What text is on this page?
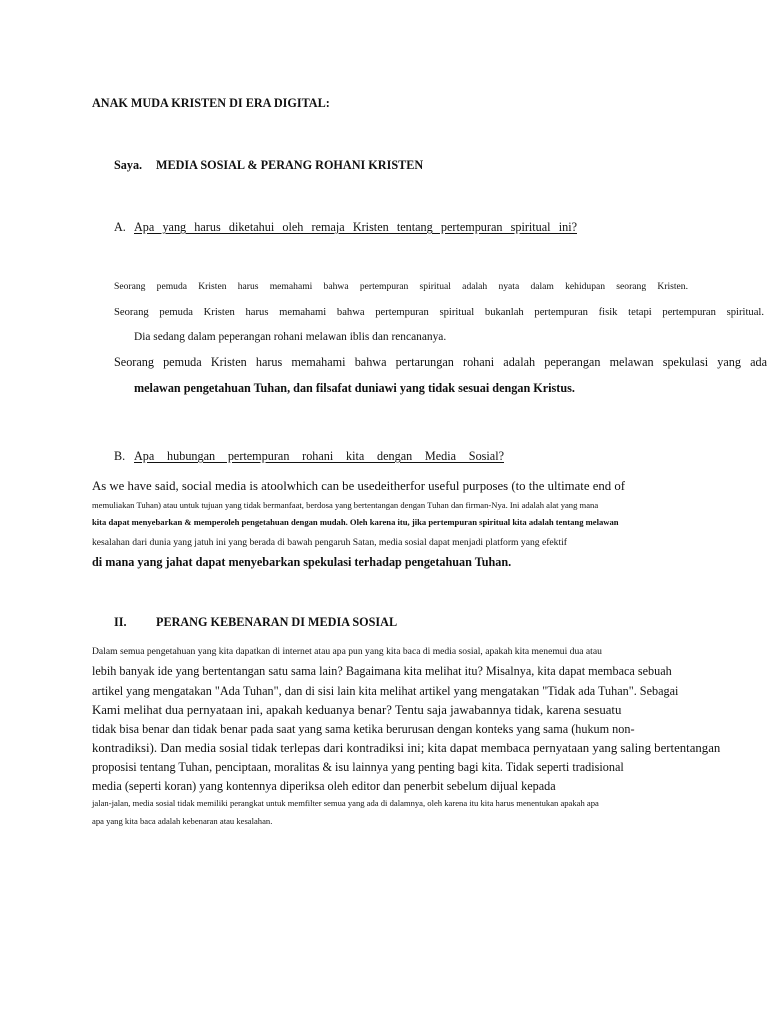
ANAK MUDA KRISTEN DI ERA DIGITAL:

Saya. MEDIA SOSIAL & PERANG ROHANI KRISTEN

A. Apa yang harus diketahui oleh remaja Kristen tentang pertempuran spiritual ini?

Seorang pemuda Kristen harus memahami bahwa pertempuran spiritual adalah nyata dalam kehidupan seorang Kristen.

Seorang pemuda Kristen harus memahami bahwa pertempuran spiritual bukanlah pertempuran fisik tetapi pertempuran spiritual.

Dia sedang dalam peperangan rohani melawan iblis dan rencananya.

Seorang pemuda Kristen harus memahami bahwa pertarungan rohani adalah peperangan melawan spekulasi yang ada

melawan pengetahuan Tuhan, dan filsafat duniawi yang tidak sesuai dengan Kristus.

B. Apa hubungan pertempuran rohani kita dengan Media Sosial?

As we have said, social media is atoolwhich can be usedeitherfor useful purposes (to the ultimate end of

memuliakan Tuhan) atau untuk tujuan yang tidak bermanfaat, berdosa yang bertentangan dengan Tuhan dan firman-Nya. Ini adalah alat yang mana

kita dapat menyebarkan & memperoleh pengetahuan dengan mudah. Oleh karena itu, jika pertempuran spiritual kita adalah tentang melawan

kesalahan dari dunia yang jatuh ini yang berada di bawah pengaruh Satan, media sosial dapat menjadi platform yang efektif

di mana yang jahat dapat menyebarkan spekulasi terhadap pengetahuan Tuhan.

II. PERANG KEBENARAN DI MEDIA SOSIAL

Dalam semua pengetahuan yang kita dapatkan di internet atau apa pun yang kita baca di media sosial, apakah kita menemui dua atau

lebih banyak ide yang bertentangan satu sama lain? Bagaimana kita melihat itu? Misalnya, kita dapat membaca sebuah

artikel yang mengatakan "Ada Tuhan", dan di sisi lain kita melihat artikel yang mengatakan "Tidak ada Tuhan". Sebagai

Kami melihat dua pernyataan ini, apakah keduanya benar? Tentu saja jawabannya tidak, karena sesuatu

tidak bisa benar dan tidak benar pada saat yang sama ketika berurusan dengan konteks yang sama (hukum non-

kontradiksi). Dan media sosial tidak terlepas dari kontradiksi ini; kita dapat membaca pernyataan yang saling bertentangan

proposisi tentang Tuhan, penciptaan, moralitas & isu lainnya yang penting bagi kita. Tidak seperti tradisional

media (seperti koran) yang kontennya diperiksa oleh editor dan penerbit sebelum dijual kepada

jalan-jalan, media sosial tidak memiliki perangkat untuk memfilter semua yang ada di dalamnya, oleh karena itu kita harus menentukan apakah apa

apa yang kita baca adalah kebenaran atau kesalahan.
